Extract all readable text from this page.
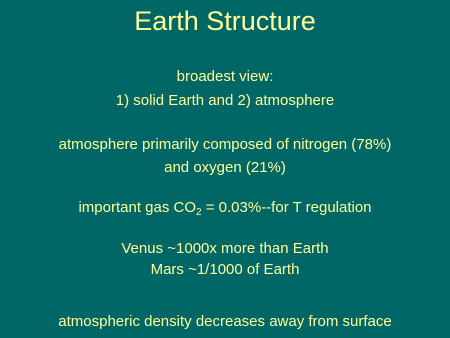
Earth Structure
broadest view:
1) solid Earth and 2) atmosphere
atmosphere primarily composed of nitrogen (78%)
and oxygen (21%)
important gas $CO_2 = 0.03\%--for$ T regulation
Venus ~1000x more than Earth
Mars ~1/1000 of Earth
atmospheric density decreases away from surface
